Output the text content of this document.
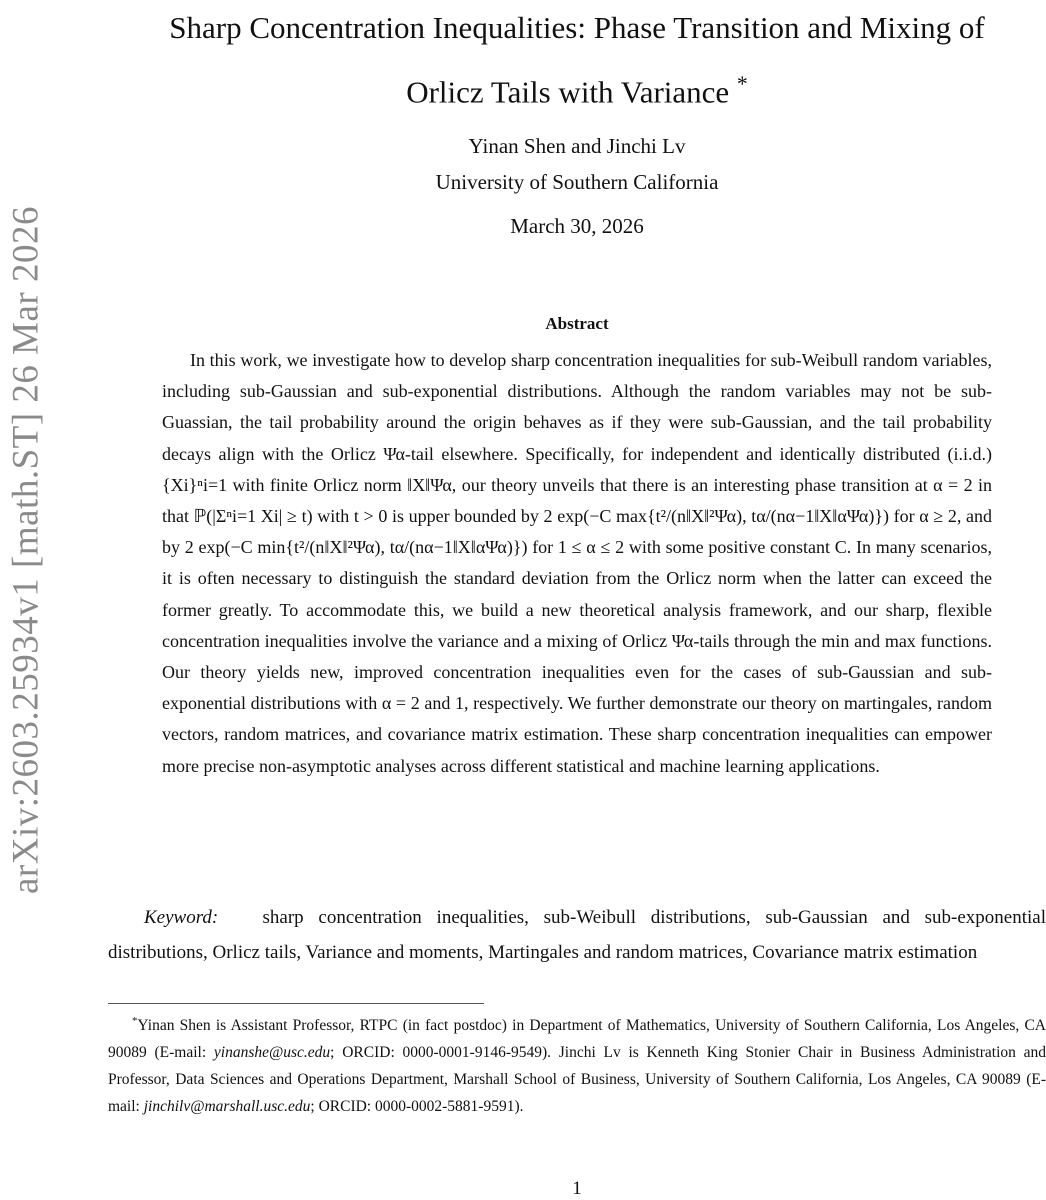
arXiv:2603.25934v1 [math.ST] 26 Mar 2026
Sharp Concentration Inequalities: Phase Transition and Mixing of
Orlicz Tails with Variance *
Yinan Shen and Jinchi Lv
University of Southern California
March 30, 2026
Abstract
In this work, we investigate how to develop sharp concentration inequalities for sub-Weibull random variables, including sub-Gaussian and sub-exponential distributions. Although the random variables may not be sub-Guassian, the tail probability around the origin behaves as if they were sub-Gaussian, and the tail probability decays align with the Orlicz Ψα-tail elsewhere. Specifically, for independent and identically distributed (i.i.d.) {Xi}ⁿi=1 with finite Orlicz norm ‖X‖Ψα, our theory unveils that there is an interesting phase transition at α = 2 in that ℙ(|Σⁿi=1 Xi| ≥ t) with t > 0 is upper bounded by 2 exp(−C max{t²/(n‖X‖²Ψα), tα/(nα−1‖X‖αΨα)}) for α ≥ 2, and by 2 exp(−C min{t²/(n‖X‖²Ψα), tα/(nα−1‖X‖αΨα)}) for 1 ≤ α ≤ 2 with some positive constant C. In many scenarios, it is often necessary to distinguish the standard deviation from the Orlicz norm when the latter can exceed the former greatly. To accommodate this, we build a new theoretical analysis framework, and our sharp, flexible concentration inequalities involve the variance and a mixing of Orlicz Ψα-tails through the min and max functions. Our theory yields new, improved concentration inequalities even for the cases of sub-Gaussian and sub-exponential distributions with α = 2 and 1, respectively. We further demonstrate our theory on martingales, random vectors, random matrices, and covariance matrix estimation. These sharp concentration inequalities can empower more precise non-asymptotic analyses across different statistical and machine learning applications.
Keyword: sharp concentration inequalities, sub-Weibull distributions, sub-Gaussian and sub-exponential distributions, Orlicz tails, Variance and moments, Martingales and random matrices, Covariance matrix estimation
*Yinan Shen is Assistant Professor, RTPC (in fact postdoc) in Department of Mathematics, University of Southern California, Los Angeles, CA 90089 (E-mail: yinanshe@usc.edu; ORCID: 0000-0001-9146-9549). Jinchi Lv is Kenneth King Stonier Chair in Business Administration and Professor, Data Sciences and Operations Department, Marshall School of Business, University of Southern California, Los Angeles, CA 90089 (E-mail: jinchilv@marshall.usc.edu; ORCID: 0000-0002-5881-9591).
1
